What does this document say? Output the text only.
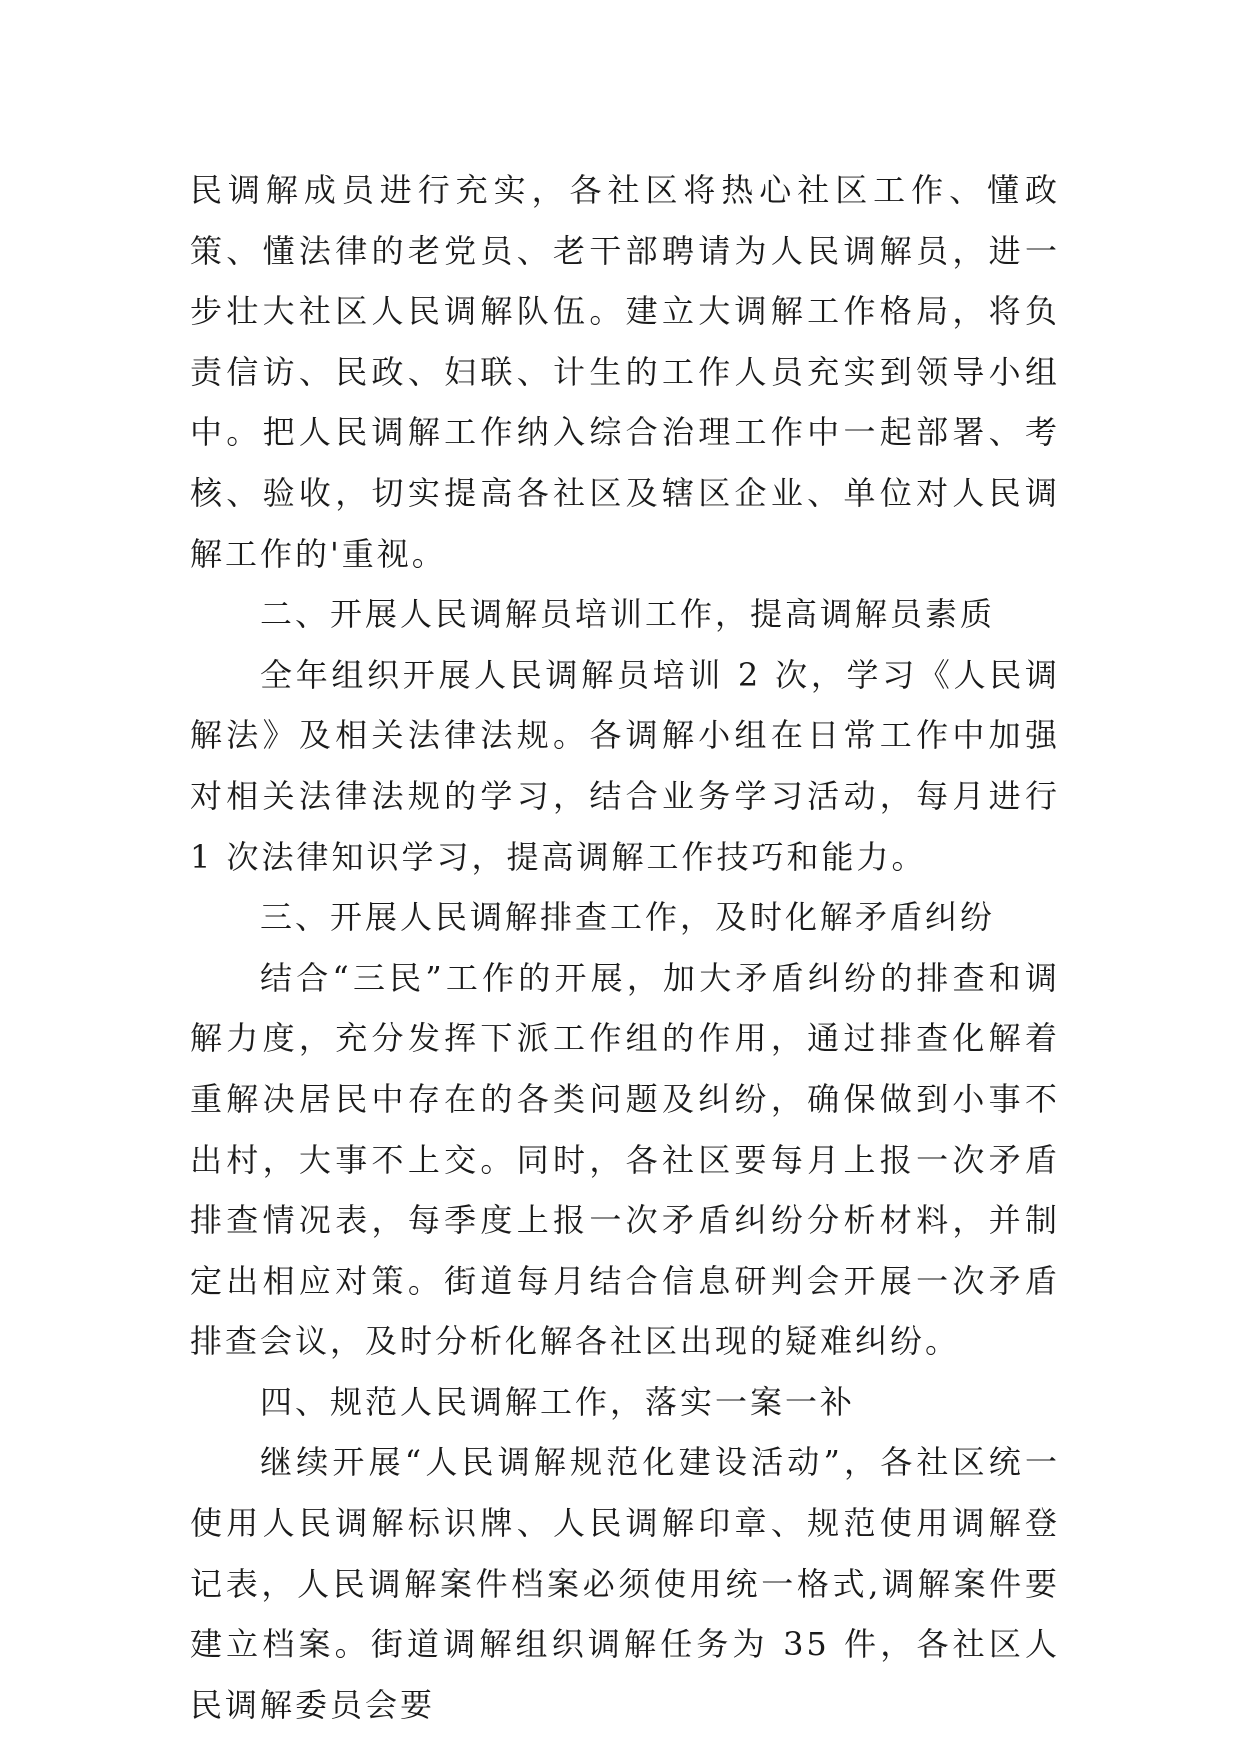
民调解成员进行充实，各社区将热心社区工作、懂政策、懂法律的老党员、老干部聘请为人民调解员，进一步壮大社区人民调解队伍。建立大调解工作格局，将负责信访、民政、妇联、计生的工作人员充实到领导小组中。把人民调解工作纳入综合治理工作中一起部署、考核、验收，切实提高各社区及辖区企业、单位对人民调解工作的'重视。

二、开展人民调解员培训工作，提高调解员素质

全年组织开展人民调解员培训 2 次，学习《人民调解法》及相关法律法规。各调解小组在日常工作中加强对相关法律法规的学习，结合业务学习活动，每月进行 1 次法律知识学习，提高调解工作技巧和能力。

三、开展人民调解排查工作，及时化解矛盾纠纷

结合“三民”工作的开展，加大矛盾纠纷的排查和调解力度，充分发挥下派工作组的作用，通过排查化解着重解决居民中存在的各类问题及纠纷，确保做到小事不出村，大事不上交。同时，各社区要每月上报一次矛盾排查情况表，每季度上报一次矛盾纠纷分析材料，并制定出相应对策。街道每月结合信息研判会开展一次矛盾排查会议，及时分析化解各社区出现的疑难纠纷。

四、规范人民调解工作，落实一案一补

继续开展“人民调解规范化建设活动”，各社区统一使用人民调解标识牌、人民调解印章、规范使用调解登记表，人民调解案件档案必须使用统一格式,调解案件要建立档案。街道调解组织调解任务为 35 件，各社区人民调解委员会要
